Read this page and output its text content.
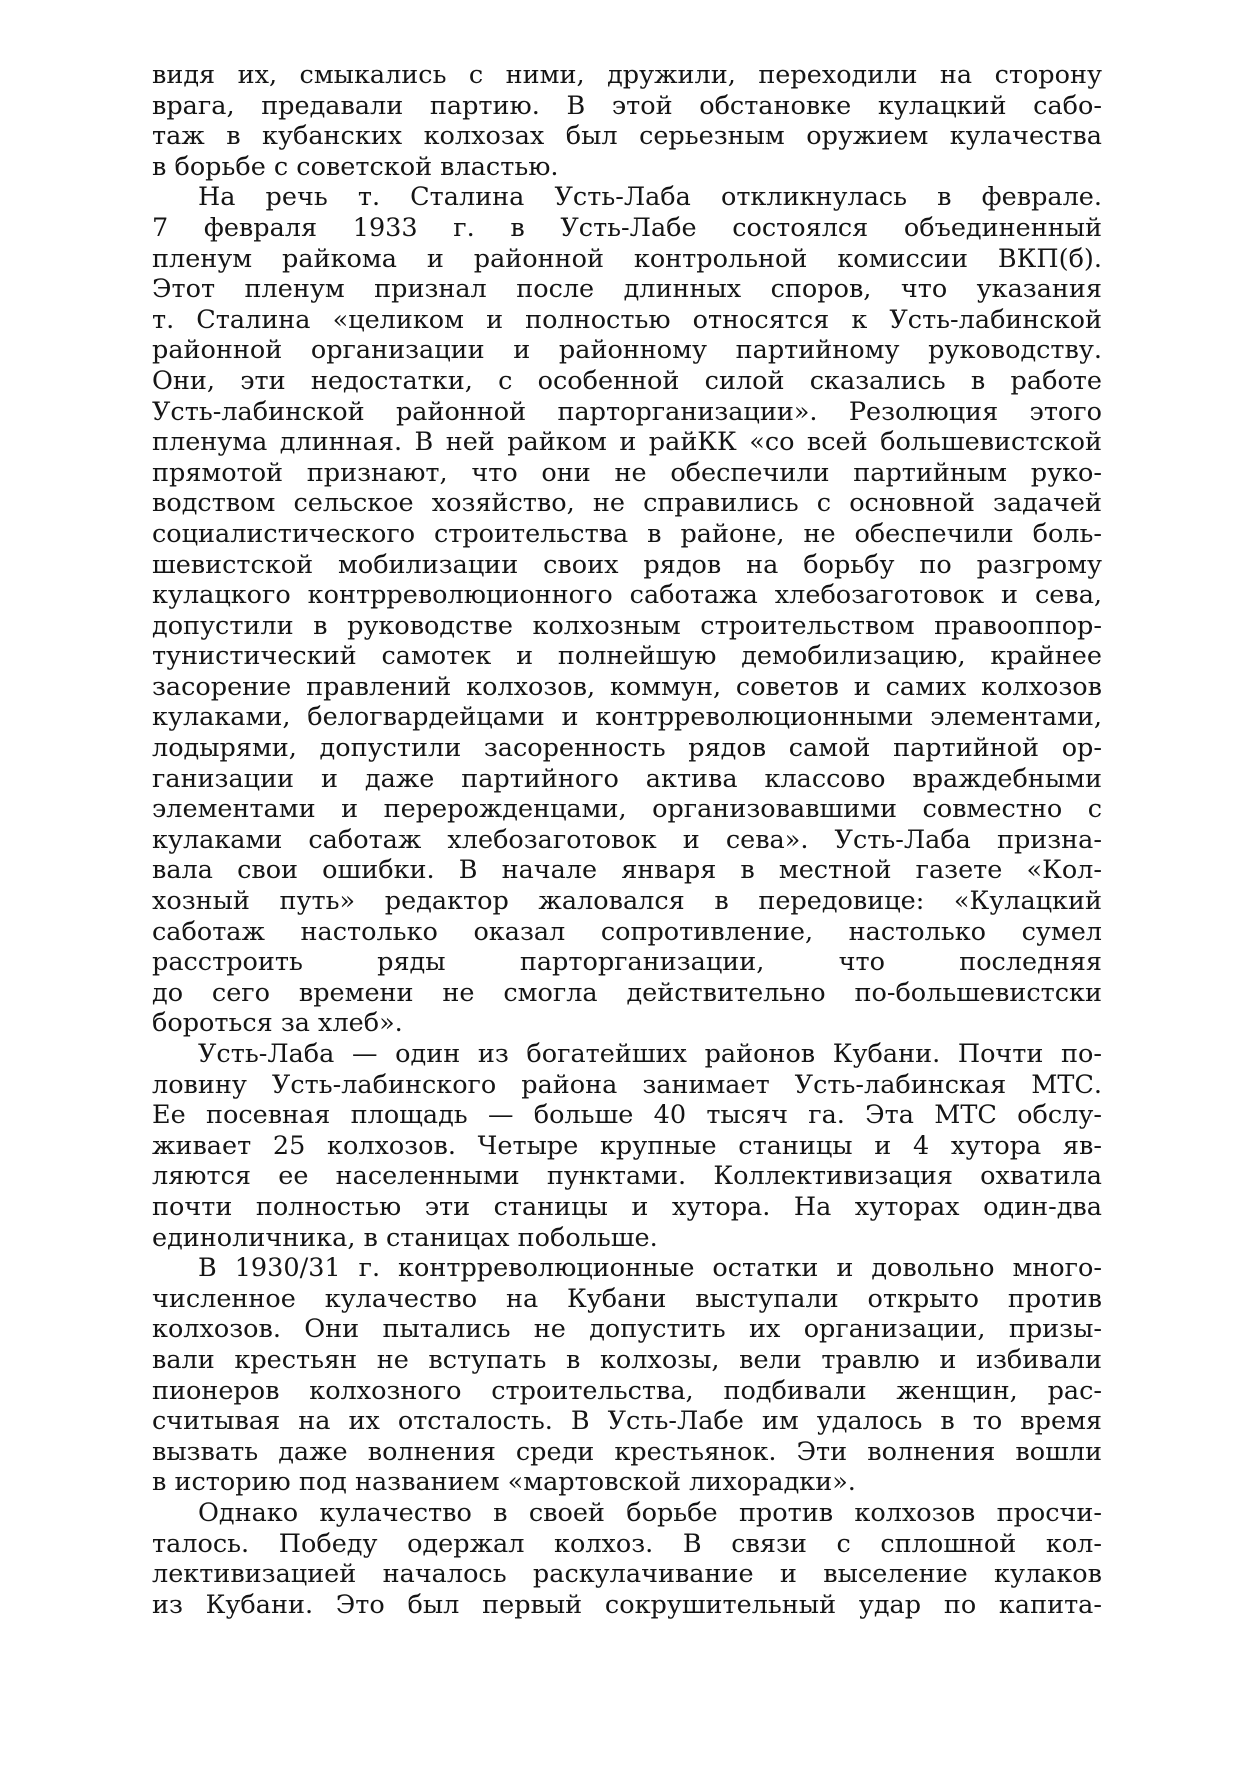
видя их, смыкались с ними, дружили, переходили на сторону
врага, предавали партию. В этой обстановке кулацкий сабо-
таж в кубанских колхозах был серьезным оружием кулачества
в борьбе с советской властью.
На речь т. Сталина Усть-Лаба откликнулась в феврале.
7 февраля 1933 г. в Усть-Лабе состоялся объединенный
пленум райкома и районной контрольной комиссии ВКП(б).
Этот пленум признал после длинных споров, что указания
т. Сталина «целиком и полностью относятся к Усть-лабинской
районной организации и районному партийному руководству.
Они, эти недостатки, с особенной силой сказались в работе
Усть-лабинской районной парторганизации». Резолюция этого
пленума длинная. В ней райком и райКК «со всей большевистской
прямотой признают, что они не обеспечили партийным руко-
водством сельское хозяйство, не справились с основной задачей
социалистического строительства в районе, не обеспечили боль-
шевистской мобилизации своих рядов на борьбу по разгрому
кулацкого контрреволюционного саботажа хлебозаготовок и сева,
допустили в руководстве колхозным строительством правооппор-
тунистический самотек и полнейшую демобилизацию, крайнее
засорение правлений колхозов, коммун, советов и самих колхозов
кулаками, белогвардейцами и контрреволюционными элементами,
лодырями, допустили засоренность рядов самой партийной ор-
ганизации и даже партийного актива классово враждебными
элементами и перерожденцами, организовавшими совместно с
кулаками саботаж хлебозаготовок и сева». Усть-Лаба призна-
вала свои ошибки. В начале января в местной газете «Кол-
хозный путь» редактор жаловался в передовице: «Кулацкий
саботаж настолько оказал сопротивление, настолько сумел
расстроить ряды парторганизации, что последняя
до сего времени не смогла действительно по-большевистски
бороться за хлеб».
Усть-Лаба — один из богатейших районов Кубани. Почти по-
ловину Усть-лабинского района занимает Усть-лабинская МТС.
Ее посевная площадь — больше 40 тысяч га. Эта МТС обслу-
живает 25 колхозов. Четыре крупные станицы и 4 хутора яв-
ляются ее населенными пунктами. Коллективизация охватила
почти полностью эти станицы и хутора. На хуторах один-два
единоличника, в станицах побольше.
В 1930/31 г. контрреволюционные остатки и довольно много-
численное кулачество на Кубани выступали открыто против
колхозов. Они пытались не допустить их организации, призы-
вали крестьян не вступать в колхозы, вели травлю и избивали
пионеров колхозного строительства, подбивали женщин, рас-
считывая на их отсталость. В Усть-Лабе им удалось в то время
вызвать даже волнения среди крестьянок. Эти волнения вошли
в историю под названием «мартовской лихорадки».
Однако кулачество в своей борьбе против колхозов просчи-
талось. Победу одержал колхоз. В связи с сплошной кол-
лективизацией началось раскулачивание и выселение кулаков
из Кубани. Это был первый сокрушительный удар по капита-
